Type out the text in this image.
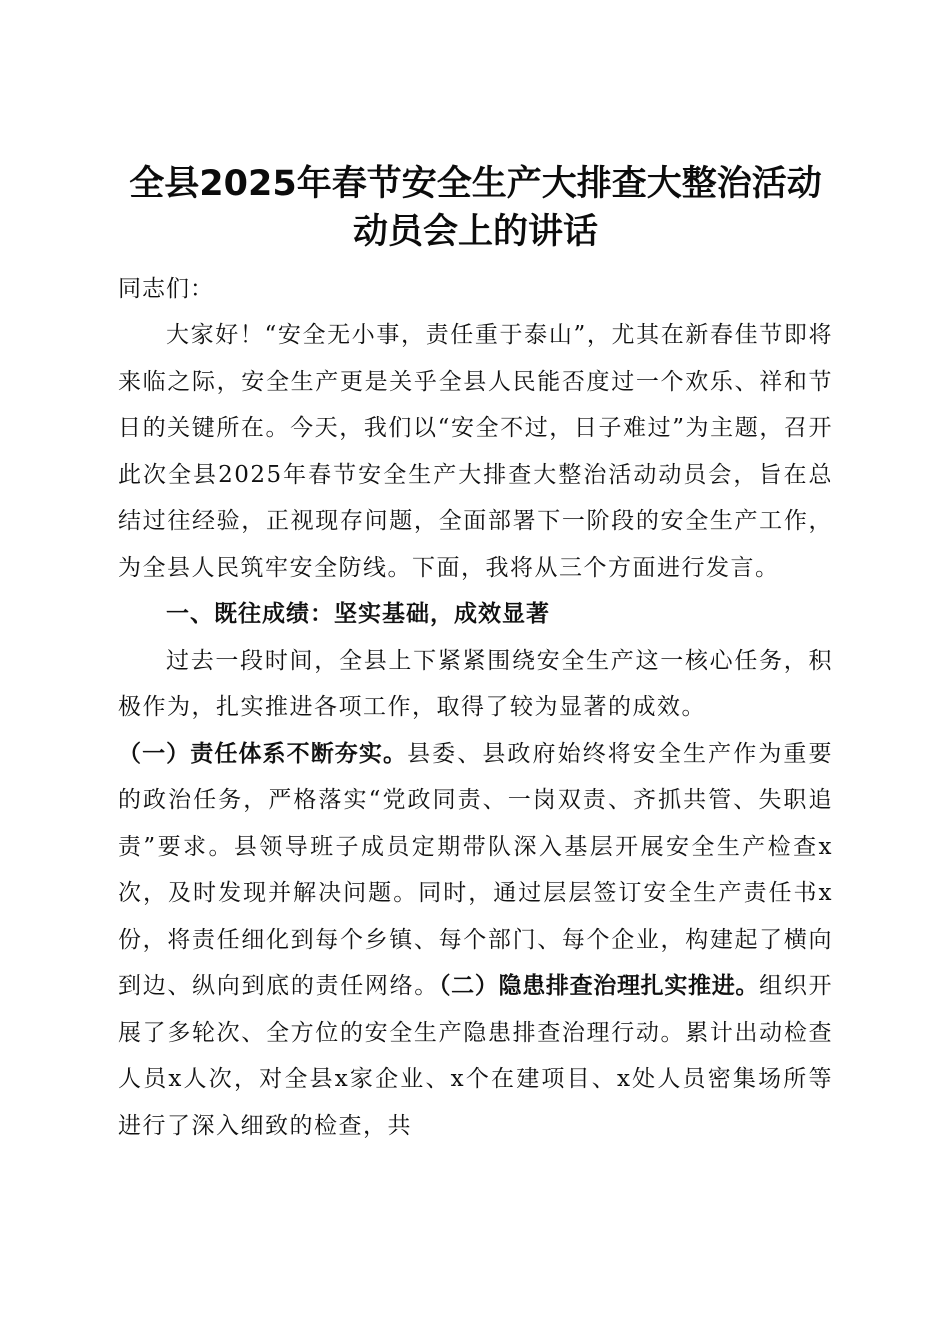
全县2025年春节安全生产大排查大整治活动
动员会上的讲话

同志们：

大家好！“安全无小事，责任重于泰山”，尤其在新春佳节即将来临之际，安全生产更是关乎全县人民能否度过一个欢乐、祥和节日的关键所在。今天，我们以“安全不过，日子难过”为主题，召开此次全县2025年春节安全生产大排查大整治活动动员会，旨在总结过往经验，正视现存问题，全面部署下一阶段的安全生产工作，为全县人民筑牢安全防线。下面，我将从三个方面进行发言。

一、既往成绩：坚实基础，成效显著

过去一段时间，全县上下紧紧围绕安全生产这一核心任务，积极作为，扎实推进各项工作，取得了较为显著的成效。

（一）责任体系不断夯实。县委、县政府始终将安全生产作为重要的政治任务，严格落实“党政同责、一岗双责、齐抓共管、失职追责”要求。县领导班子成员定期带队深入基层开展安全生产检查x次，及时发现并解决问题。同时，通过层层签订安全生产责任书x份，将责任细化到每个乡镇、每个部门、每个企业，构建起了横向到边、纵向到底的责任网络。（二）隐患排查治理扎实推进。组织开展了多轮次、全方位的安全生产隐患排查治理行动。累计出动检查人员x人次，对全县x家企业、x个在建项目、x处人员密集场所等进行了深入细致的检查，共
